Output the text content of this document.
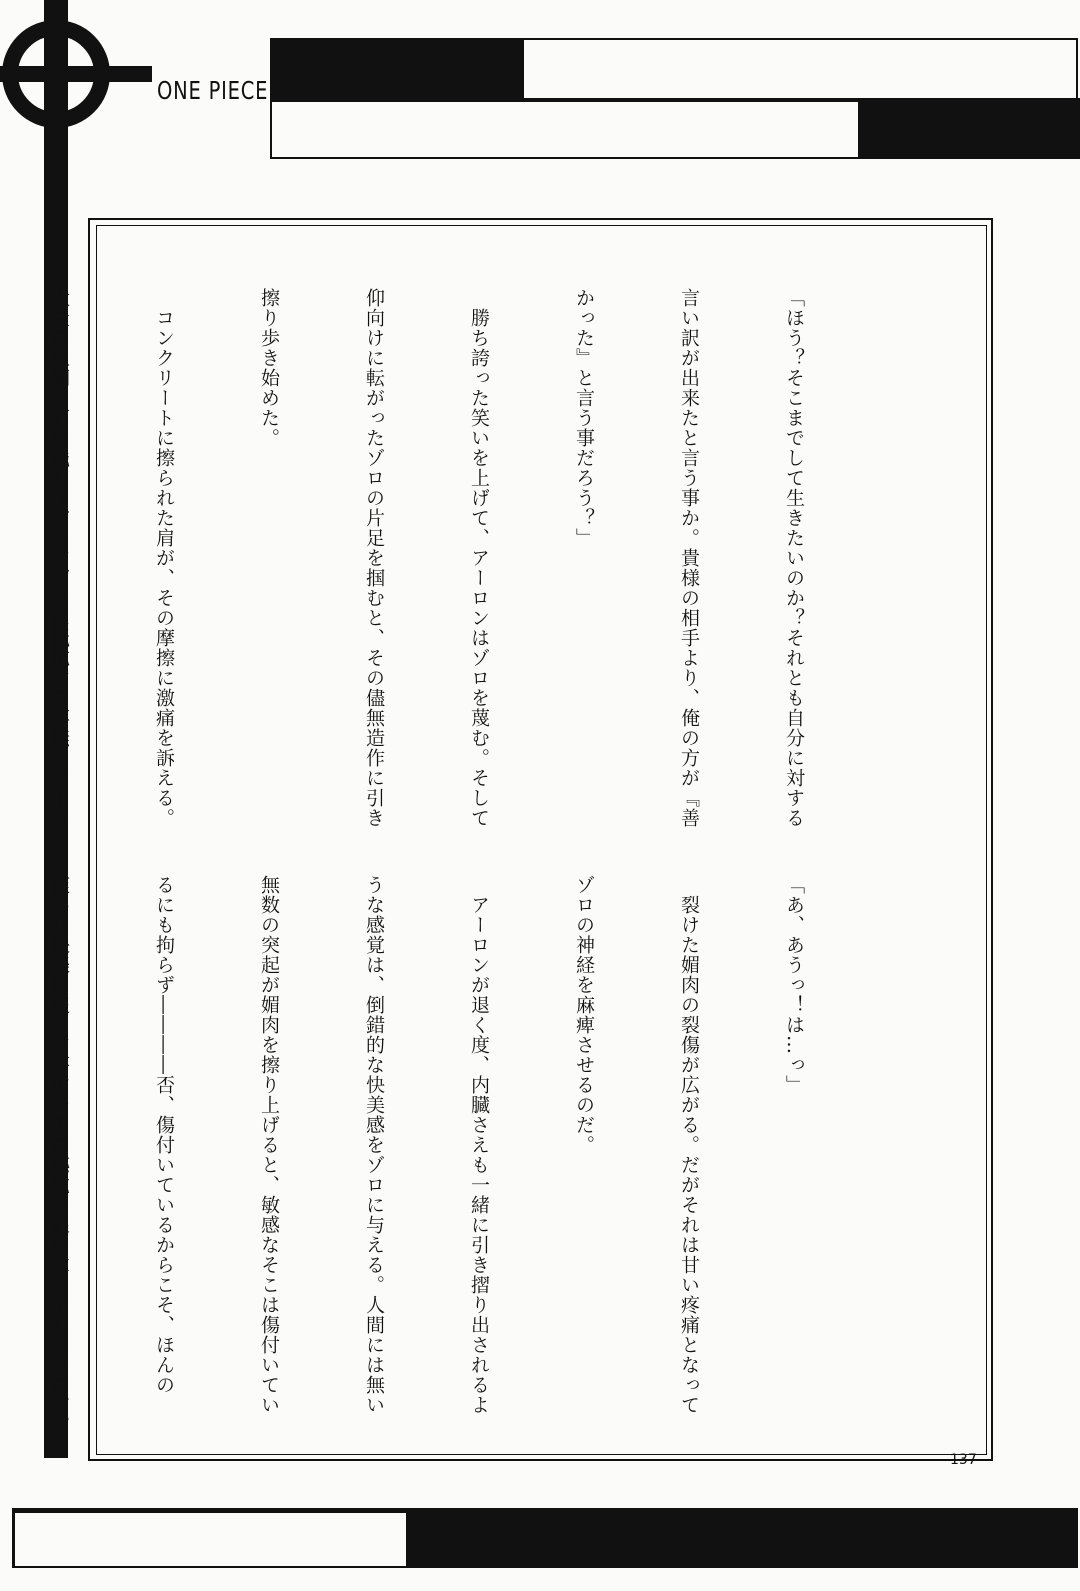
ONE PIECE

「ほう？そこまでして生きたいのか？それとも自分に対する

言い訳が出来たと言う事か。貴様の相手より、俺の方が『善

かった』と言う事だろう？」

　勝ち誇った笑いを上げて、アーロンはゾロを蔑む。そして

仰向けに転がったゾロの片足を掴むと、その儘無造作に引き

擦り歩き始めた。

　コンクリートに擦られた肩が、その摩擦に激痛を訴える。

大量の血糊を石に残しながら、ゾロは抵抗する事無くアーロ

「あ、あうっ！は…っ」

　裂けた媚肉の裂傷が広がる。だがそれは甘い疼痛となって

ゾロの神経を麻痺させるのだ。

　アーロンが退く度、内臓さえも一緒に引き摺り出されるよ

うな感覚は、倒錯的な快美感をゾロに与える。人間には無い

無数の突起が媚肉を擦り上げると、敏感なそこは傷付いてい

るにも拘らず――――否、傷付いているからこそ、ほんの

僅かな快楽に縋り、夢中でその感覚を追い求めてしまうのだ。

137
